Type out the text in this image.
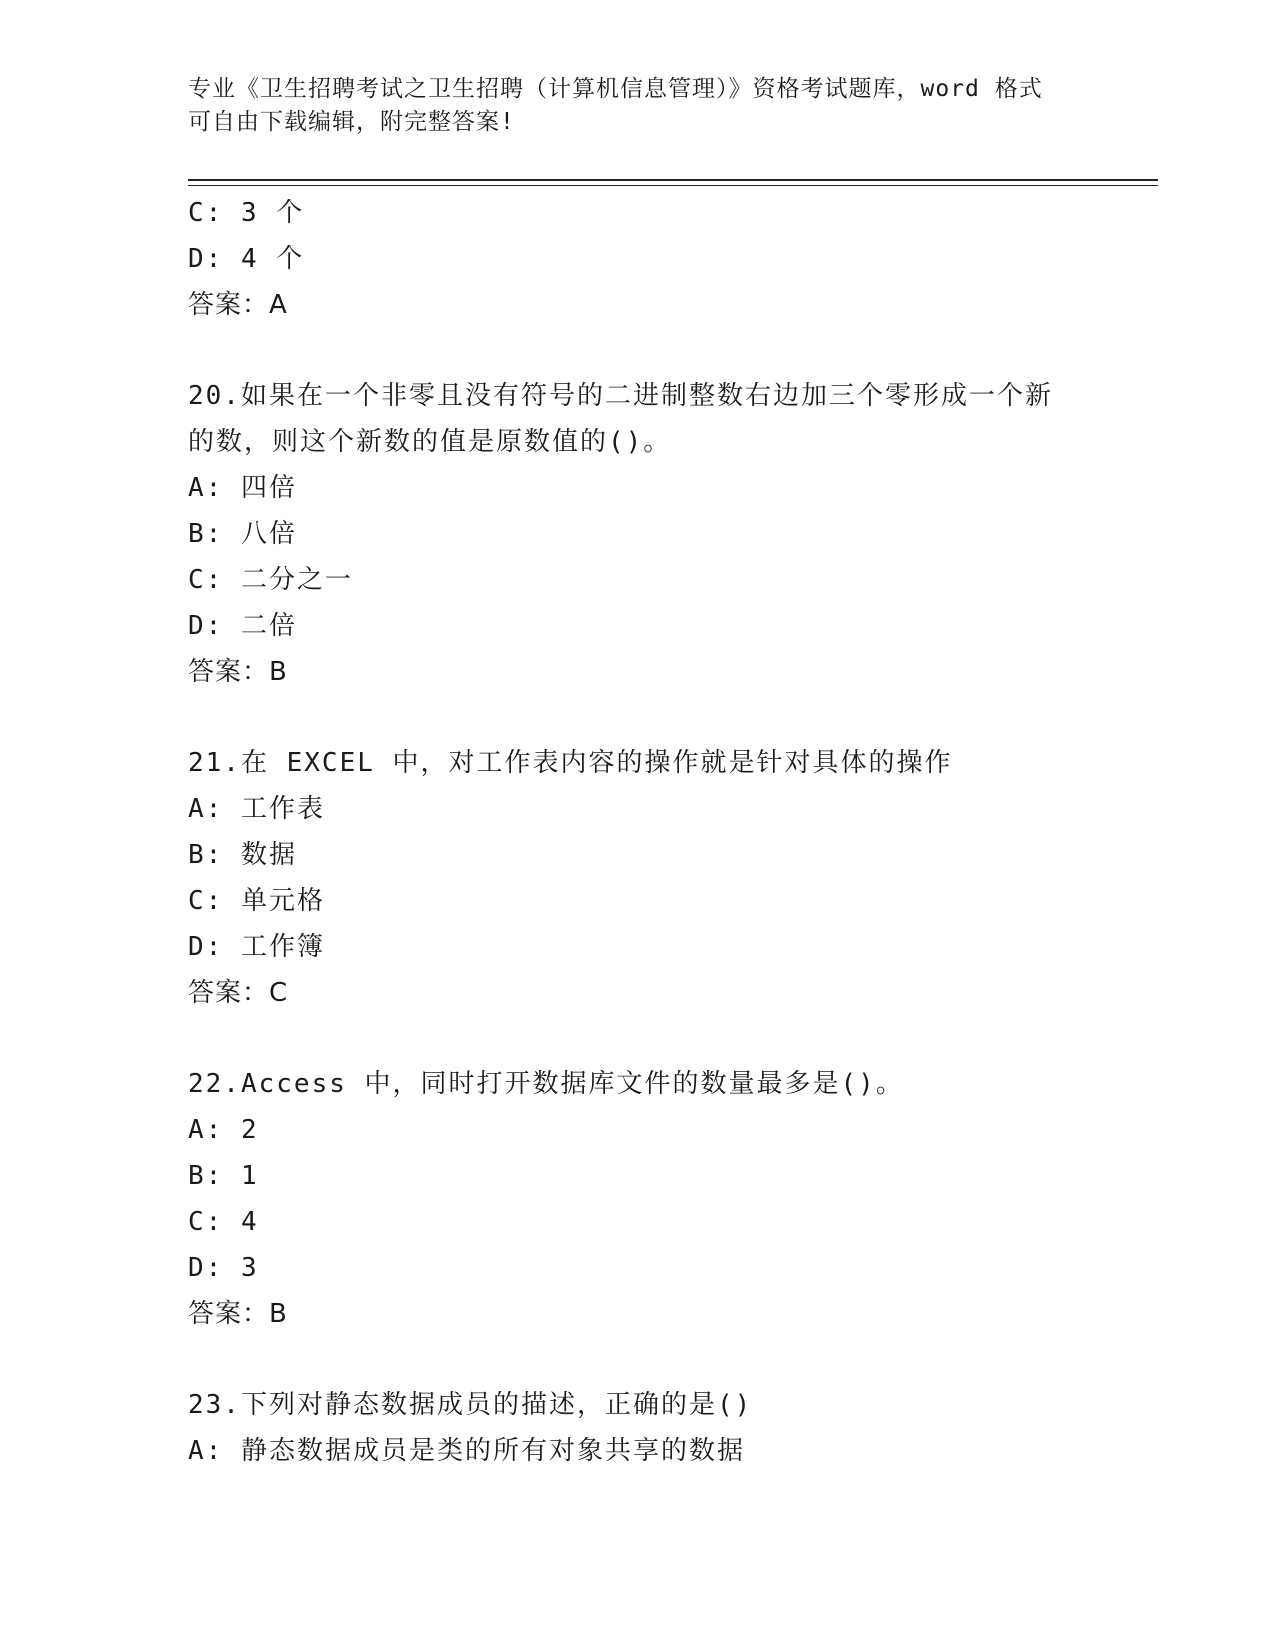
专业《卫生招聘考试之卫生招聘（计算机信息管理）》资格考试题库，word 格式
可自由下载编辑，附完整答案!
C: 3 个
D: 4 个
答案：A
20.如果在一个非零且没有符号的二进制整数右边加三个零形成一个新
的数，则这个新数的值是原数值的()。
A: 四倍
B: 八倍
C: 二分之一
D: 二倍
答案：B
21.在 EXCEL 中，对工作表内容的操作就是针对具体的操作
A: 工作表
B: 数据
C: 单元格
D: 工作簿
答案：C
22.Access 中，同时打开数据库文件的数量最多是()。
A: 2
B: 1
C: 4
D: 3
答案：B
23.下列对静态数据成员的描述，正确的是()
A: 静态数据成员是类的所有对象共享的数据
